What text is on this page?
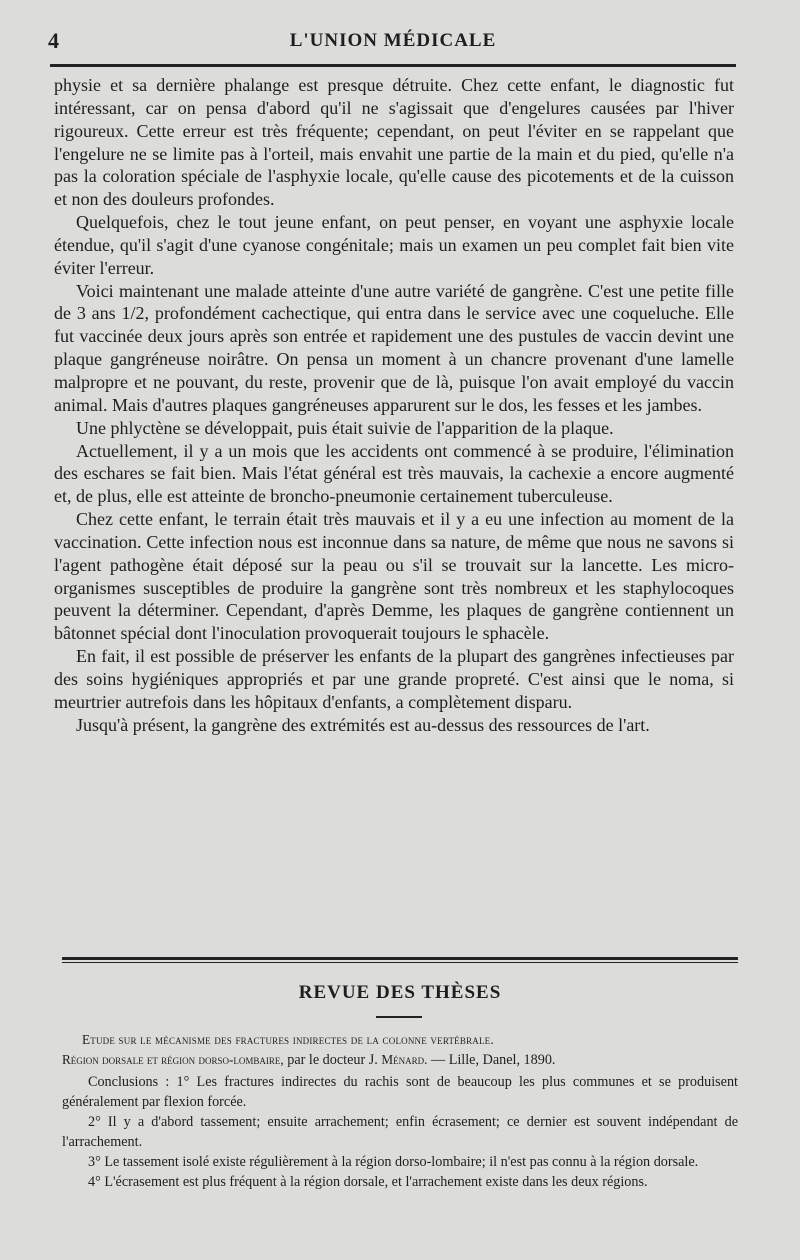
4	L'UNION MÉDICALE

physie et sa dernière phalange est presque détruite. Chez cette enfant, le diagnostic fut intéressant, car on pensa d'abord qu'il ne s'agissait que d'engelures causées par l'hiver rigoureux. Cette erreur est très fréquente; cependant, on peut l'éviter en se rappelant que l'engelure ne se limite pas à l'orteil, mais envahit une partie de la main et du pied, qu'elle n'a pas la coloration spéciale de l'asphyxie locale, qu'elle cause des picotements et de la cuisson et non des douleurs profondes.

Quelquefois, chez le tout jeune enfant, on peut penser, en voyant une asphyxie locale étendue, qu'il s'agit d'une cyanose congénitale; mais un examen un peu complet fait bien vite éviter l'erreur.

Voici maintenant une malade atteinte d'une autre variété de gangrène. C'est une petite fille de 3 ans 1/2, profondément cachectique, qui entra dans le service avec une coqueluche. Elle fut vaccinée deux jours après son entrée et rapidement une des pustules de vaccin devint une plaque gangréneuse noirâtre. On pensa un moment à un chancre provenant d'une lamelle malpropre et ne pouvant, du reste, provenir que de là, puisque l'on avait employé du vaccin animal. Mais d'autres plaques gangréneuses apparurent sur le dos, les fesses et les jambes.

Une phlyctène se développait, puis était suivie de l'apparition de la plaque.

Actuellement, il y a un mois que les accidents ont commencé à se produire, l'élimination des eschares se fait bien. Mais l'état général est très mauvais, la cachexie a encore augmenté et, de plus, elle est atteinte de broncho-pneumonie certainement tuberculeuse.

Chez cette enfant, le terrain était très mauvais et il y a eu une infection au moment de la vaccination. Cette infection nous est inconnue dans sa nature, de même que nous ne savons si l'agent pathogène était déposé sur la peau ou s'il se trouvait sur la lancette. Les micro-organismes susceptibles de produire la gangrène sont très nombreux et les staphylocoques peuvent la déterminer. Cependant, d'après Demme, les plaques de gangrène contiennent un bâtonnet spécial dont l'inoculation provoquerait toujours le sphacèle.

En fait, il est possible de préserver les enfants de la plupart des gangrènes infectieuses par des soins hygiéniques appropriés et par une grande propreté. C'est ainsi que le noma, si meurtrier autrefois dans les hôpitaux d'enfants, a complètement disparu.

Jusqu'à présent, la gangrène des extrémités est au-dessus des ressources de l'art.

REVUE DES THÈSES

Etude sur le mécanisme des fractures indirectes de la colonne vertébrale.

Région dorsale et région dorso-lombaire, par le docteur J. Ménard. — Lille, Danel, 1890.

Conclusions : 1° Les fractures indirectes du rachis sont de beaucoup les plus communes et se produisent généralement par flexion forcée.

2° Il y a d'abord tassement; ensuite arrachement; enfin écrasement; ce dernier est souvent indépendant de l'arrachement.

3° Le tassement isolé existe régulièrement à la région dorso-lombaire; il n'est pas connu à la région dorsale.

4° L'écrasement est plus fréquent à la région dorsale, et l'arrachement existe dans les deux régions.
